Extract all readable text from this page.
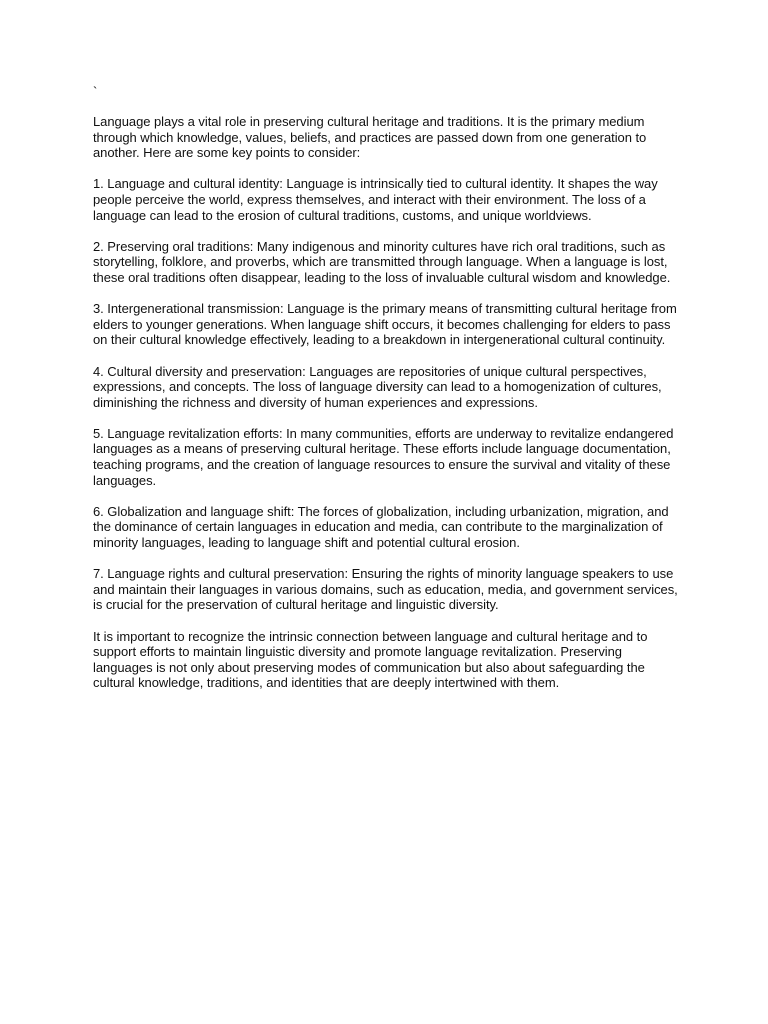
`

Language plays a vital role in preserving cultural heritage and traditions. It is the primary medium through which knowledge, values, beliefs, and practices are passed down from one generation to another. Here are some key points to consider:

1. Language and cultural identity: Language is intrinsically tied to cultural identity. It shapes the way people perceive the world, express themselves, and interact with their environment. The loss of a language can lead to the erosion of cultural traditions, customs, and unique worldviews.

2. Preserving oral traditions: Many indigenous and minority cultures have rich oral traditions, such as storytelling, folklore, and proverbs, which are transmitted through language. When a language is lost, these oral traditions often disappear, leading to the loss of invaluable cultural wisdom and knowledge.

3. Intergenerational transmission: Language is the primary means of transmitting cultural heritage from elders to younger generations. When language shift occurs, it becomes challenging for elders to pass on their cultural knowledge effectively, leading to a breakdown in intergenerational cultural continuity.

4. Cultural diversity and preservation: Languages are repositories of unique cultural perspectives, expressions, and concepts. The loss of language diversity can lead to a homogenization of cultures, diminishing the richness and diversity of human experiences and expressions.

5. Language revitalization efforts: In many communities, efforts are underway to revitalize endangered languages as a means of preserving cultural heritage. These efforts include language documentation, teaching programs, and the creation of language resources to ensure the survival and vitality of these languages.

6. Globalization and language shift: The forces of globalization, including urbanization, migration, and the dominance of certain languages in education and media, can contribute to the marginalization of minority languages, leading to language shift and potential cultural erosion.

7. Language rights and cultural preservation: Ensuring the rights of minority language speakers to use and maintain their languages in various domains, such as education, media, and government services, is crucial for the preservation of cultural heritage and linguistic diversity.

It is important to recognize the intrinsic connection between language and cultural heritage and to support efforts to maintain linguistic diversity and promote language revitalization. Preserving languages is not only about preserving modes of communication but also about safeguarding the cultural knowledge, traditions, and identities that are deeply intertwined with them.
